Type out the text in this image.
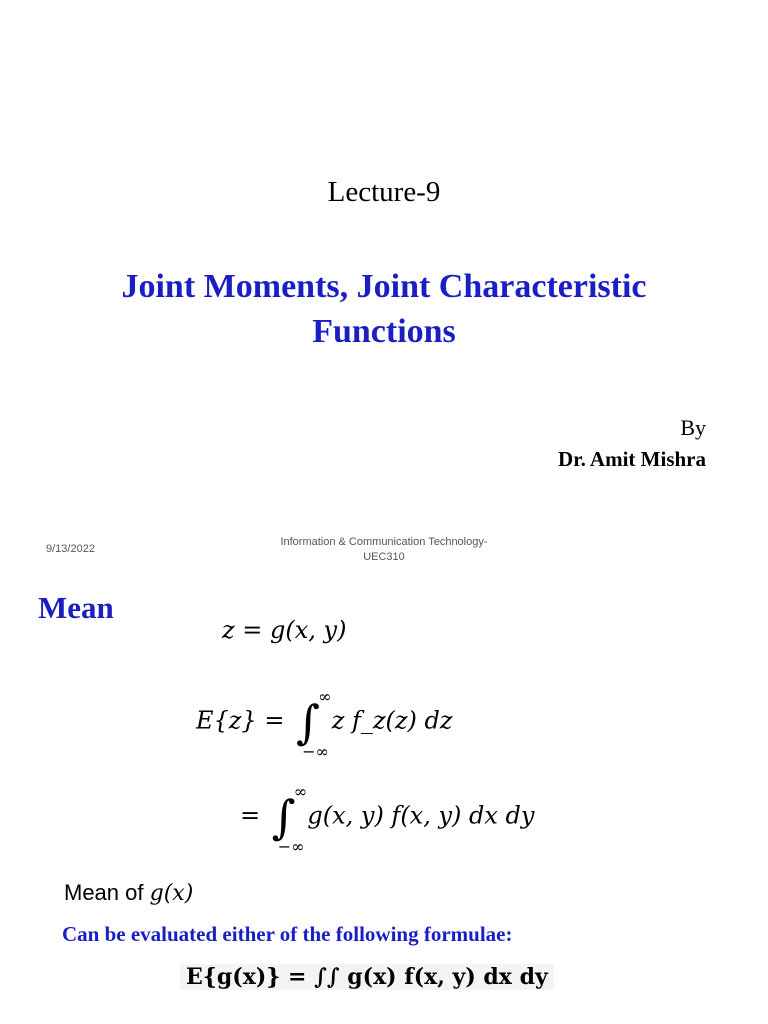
Lecture-9
Joint Moments, Joint Characteristic Functions
By
Dr. Amit Mishra
9/13/2022
Information & Communication Technology-UEC310
Mean
z = g(x, y)
E{z} = ∫
∞
−∞
z f_z(z) dz
= ∫
∞
−∞
g(x, y) f(x, y) dx dy
Mean of g(x)
Can be evaluated either of the following formulae:
E{g(x)} = ∫∫ g(x) f(x, y) dx dy
